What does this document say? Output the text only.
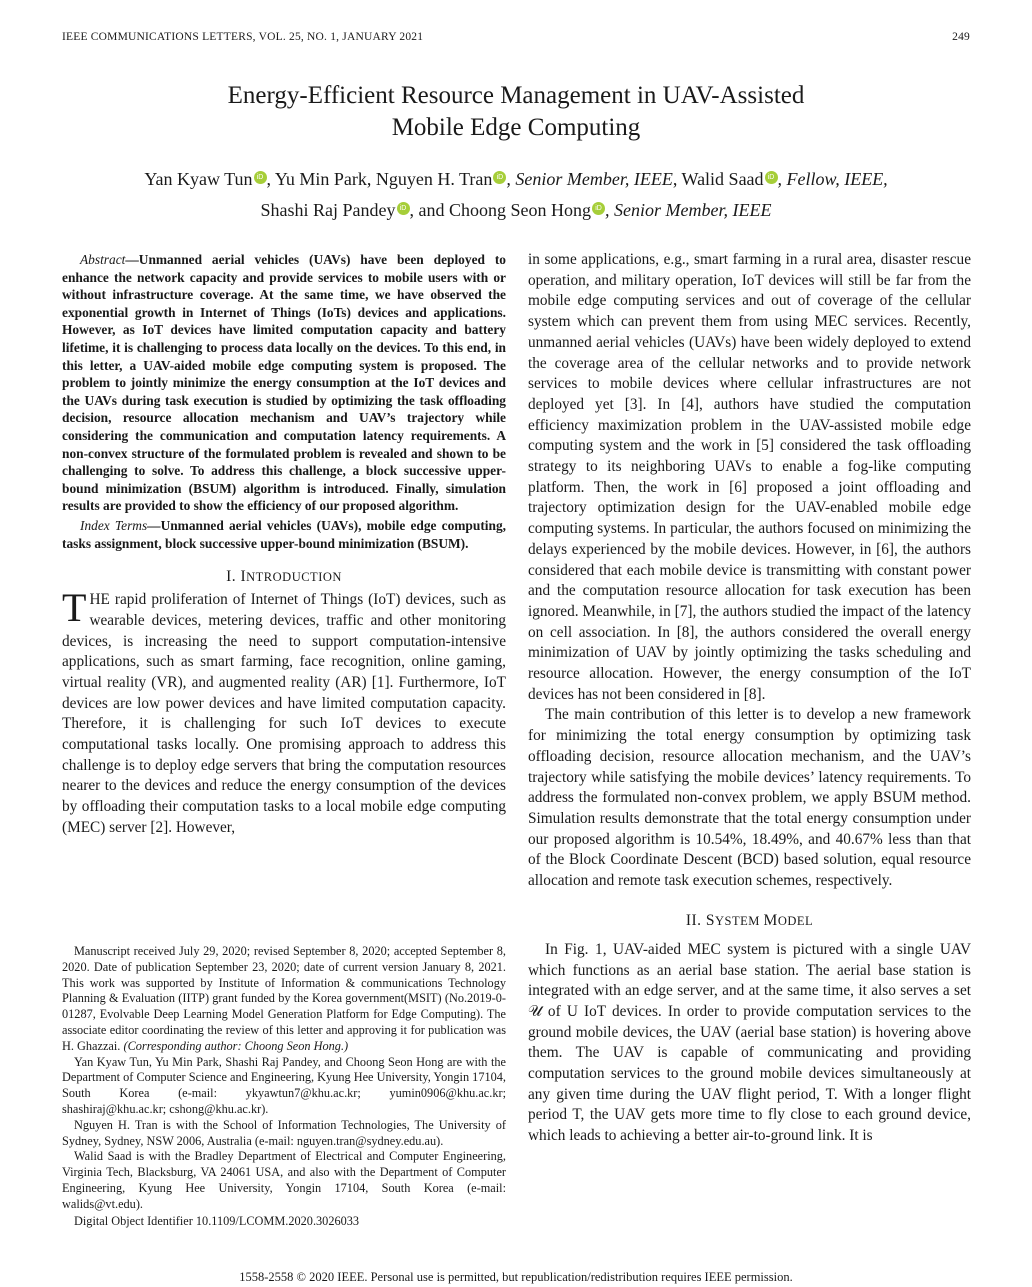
IEEE COMMUNICATIONS LETTERS, VOL. 25, NO. 1, JANUARY 2021	249
Energy-Efficient Resource Management in UAV-Assisted
Mobile Edge Computing
Yan Kyaw Tun iD , Yu Min Park, Nguyen H. Tran iD , Senior Member, IEEE, Walid Saad iD , Fellow, IEEE,
Shashi Raj Pandey iD , and Choong Seon Hong iD , Senior Member, IEEE

Abstract—Unmanned aerial vehicles (UAVs) have been deployed to enhance the network capacity and provide services to mobile users with or without infrastructure coverage. At the same time, we have observed the exponential growth in Internet of Things (IoTs) devices and applications. However, as IoT devices have limited computation capacity and battery lifetime, it is challenging to process data locally on the devices. To this end, in this letter, a UAV-aided mobile edge computing system is proposed. The problem to jointly minimize the energy consumption at the IoT devices and the UAVs during task execution is studied by optimizing the task offloading decision, resource allocation mechanism and UAV’s trajectory while considering the communication and computation latency requirements. A non-convex structure of the formulated problem is revealed and shown to be challenging to solve. To address this challenge, a block successive upper-bound minimization (BSUM) algorithm is introduced. Finally, simulation results are provided to show the efficiency of our proposed algorithm.

Index Terms—Unmanned aerial vehicles (UAVs), mobile edge computing, tasks assignment, block successive upper-bound minimization (BSUM).

I. INTRODUCTION

THE rapid proliferation of Internet of Things (IoT) devices, such as wearable devices, metering devices, traffic and other monitoring devices, is increasing the need to support computation-intensive applications, such as smart farming, face recognition, online gaming, virtual reality (VR), and augmented reality (AR) [1]. Furthermore, IoT devices are low power devices and have limited computation capacity. Therefore, it is challenging for such IoT devices to execute computational tasks locally. One promising approach to address this challenge is to deploy edge servers that bring the computation resources nearer to the devices and reduce the energy consumption of the devices by offloading their computation tasks to a local mobile edge computing (MEC) server [2]. However,

Manuscript received July 29, 2020; revised September 8, 2020; accepted September 8, 2020. Date of publication September 23, 2020; date of current version January 8, 2021. This work was supported by Institute of Information & communications Technology Planning & Evaluation (IITP) grant funded by the Korea government(MSIT) (No.2019-0-01287, Evolvable Deep Learning Model Generation Platform for Edge Computing). The associate editor coordinating the review of this letter and approving it for publication was H. Ghazzai. (Corresponding author: Choong Seon Hong.)

Yan Kyaw Tun, Yu Min Park, Shashi Raj Pandey, and Choong Seon Hong are with the Department of Computer Science and Engineering, Kyung Hee University, Yongin 17104, South Korea (e-mail: ykyawtun7@khu.ac.kr; yumin0906@khu.ac.kr; shashiraj@khu.ac.kr; cshong@khu.ac.kr).

Nguyen H. Tran is with the School of Information Technologies, The University of Sydney, Sydney, NSW 2006, Australia (e-mail: nguyen.tran@sydney.edu.au).

Walid Saad is with the Bradley Department of Electrical and Computer Engineering, Virginia Tech, Blacksburg, VA 24061 USA, and also with the Department of Computer Engineering, Kyung Hee University, Yongin 17104, South Korea (e-mail: walids@vt.edu).

Digital Object Identifier 10.1109/LCOMM.2020.3026033

in some applications, e.g., smart farming in a rural area, disaster rescue operation, and military operation, IoT devices will still be far from the mobile edge computing services and out of coverage of the cellular system which can prevent them from using MEC services. Recently, unmanned aerial vehicles (UAVs) have been widely deployed to extend the coverage area of the cellular networks and to provide network services to mobile devices where cellular infrastructures are not deployed yet [3]. In [4], authors have studied the computation efficiency maximization problem in the UAV-assisted mobile edge computing system and the work in [5] considered the task offloading strategy to its neighboring UAVs to enable a fog-like computing platform. Then, the work in [6] proposed a joint offloading and trajectory optimization design for the UAV-enabled mobile edge computing systems. In particular, the authors focused on minimizing the delays experienced by the mobile devices. However, in [6], the authors considered that each mobile device is transmitting with constant power and the computation resource allocation for task execution has been ignored. Meanwhile, in [7], the authors studied the impact of the latency on cell association. In [8], the authors considered the overall energy minimization of UAV by jointly optimizing the tasks scheduling and resource allocation. However, the energy consumption of the IoT devices has not been considered in [8].

The main contribution of this letter is to develop a new framework for minimizing the total energy consumption by optimizing task offloading decision, resource allocation mechanism, and the UAV’s trajectory while satisfying the mobile devices’ latency requirements. To address the formulated non-convex problem, we apply BSUM method. Simulation results demonstrate that the total energy consumption under our proposed algorithm is 10.54%, 18.49%, and 40.67% less than that of the Block Coordinate Descent (BCD) based solution, equal resource allocation and remote task execution schemes, respectively.

II. SYSTEM MODEL

In Fig. 1, UAV-aided MEC system is pictured with a single UAV which functions as an aerial base station. The aerial base station is integrated with an edge server, and at the same time, it also serves a set 𝒰 of U IoT devices. In order to provide computation services to the ground mobile devices, the UAV (aerial base station) is hovering above them. The UAV is capable of communicating and providing computation services to the ground mobile devices simultaneously at any given time during the UAV flight period, T. With a longer flight period T, the UAV gets more time to fly close to each ground device, which leads to achieving a better air-to-ground link. It is

1558-2558 © 2020 IEEE. Personal use is permitted, but republication/redistribution requires IEEE permission.
